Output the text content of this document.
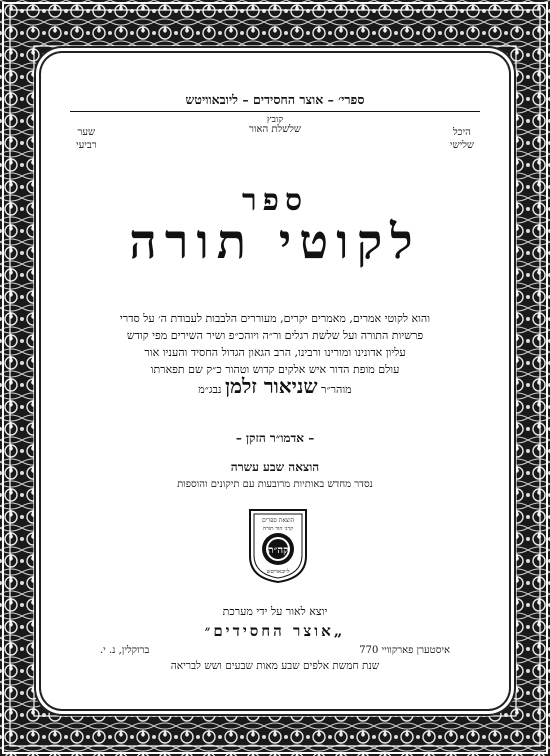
ספרי׳ – אוצר החסידים – ליובאוויטש
קובץ
שלשלת האור	היכל
שלישי
שער
רביעי
ספר
לקוטי תורה
והוא לקוטי אמרים, מאמרים יקרים, מעוררים הלבבות לעבודת ה׳ על סדרי
פרשיות התורה ועל שלשת רגלים ור״ה ויוהכ״פ ושיר השירים מפי קודש
עליון אדונינו ומורינו ורבינו, הרב הגאון הגדול החסיד והעניו אור
עולם מופת הדור איש אלקים קדוש וטהור כ״ק שם תפארתו
מוהר״ר שניאור זלמן נבג״מ
– אדמו״ר הזקן –
הוצאה שבע עשרה
נסדר מחדש באותיות מרובעות עם תיקונים והוספות
הוצאת ספרים
קרני הוד תורה
קה״ת
ליובאוויטש
יוצא לאור על ידי מערכת
„אוצר החסידים״
770 איסטערן פארקוויי
ברוקלין, נ. י.
שנת חמשת אלפים שבע מאות שבעים ושש לבריאה
